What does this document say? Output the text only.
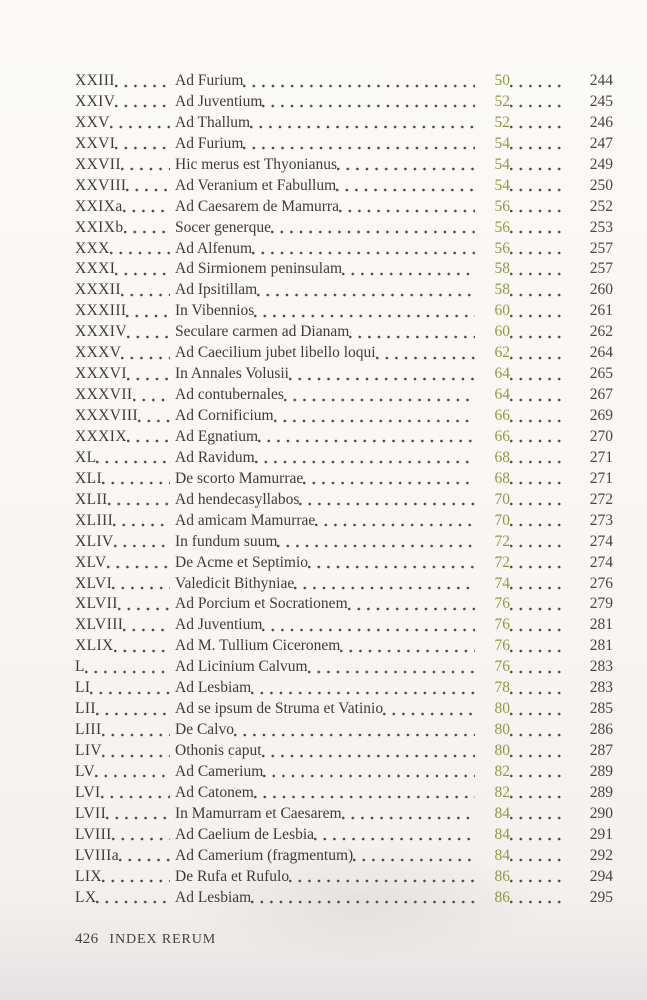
XXIII	Ad Furium	50	244
XXIV	Ad Juventium	52	245
XXV	Ad Thallum	52	246
XXVI	Ad Furium	54	247
XXVII	Hic merus est Thyonianus	54	249
XXVIII	Ad Veranium et Fabullum	54	250
XXIXa	Ad Caesarem de Mamurra	56	252
XXIXb	Socer generque	56	253
XXX	Ad Alfenum	56	257
XXXI	Ad Sirmionem peninsulam	58	257
XXXII	Ad Ipsitillam	58	260
XXXIII	In Vibennios	60	261
XXXIV	Seculare carmen ad Dianam	60	262
XXXV	Ad Caecilium jubet libello loqui	62	264
XXXVI	In Annales Volusii	64	265
XXXVII	Ad contubernales	64	267
XXXVIII Ad Cornificium	66	269
XXXIX	Ad Egnatium	66	270
XL	Ad Ravidum	68	271
XLI	De scorto Mamurrae	68	271
XLII	Ad hendecasyllabos	70	272
XLIII	Ad amicam Mamurrae	70	273
XLIV	In fundum suum	72	274
XLV	De Acme et Septimio	72	274
XLVI	Valedicit Bithyniae	74	276
XLVII	Ad Porcium et Socrationem	76	279
XLVIII	Ad Juventium	76	281
XLIX	Ad M. Tullium Ciceronem	76	281
L	Ad Licinium Calvum	76	283
LI	Ad Lesbiam	78	283
LII	Ad se ipsum de Struma et Vatinio	80	285
LIII	De Calvo	80	286
LIV	Othonis caput	80	287
LV	Ad Camerium	82	289
LVI	Ad Catonem	82	289
LVII	In Mamurram et Caesarem	84	290
LVIII	Ad Caelium de Lesbia	84	291
LVIIIa	Ad Camerium (fragmentum)	84	292
LIX	De Rufa et Rufulo	86	294
LX	Ad Lesbiam	86	295
426 INDEX RERUM
